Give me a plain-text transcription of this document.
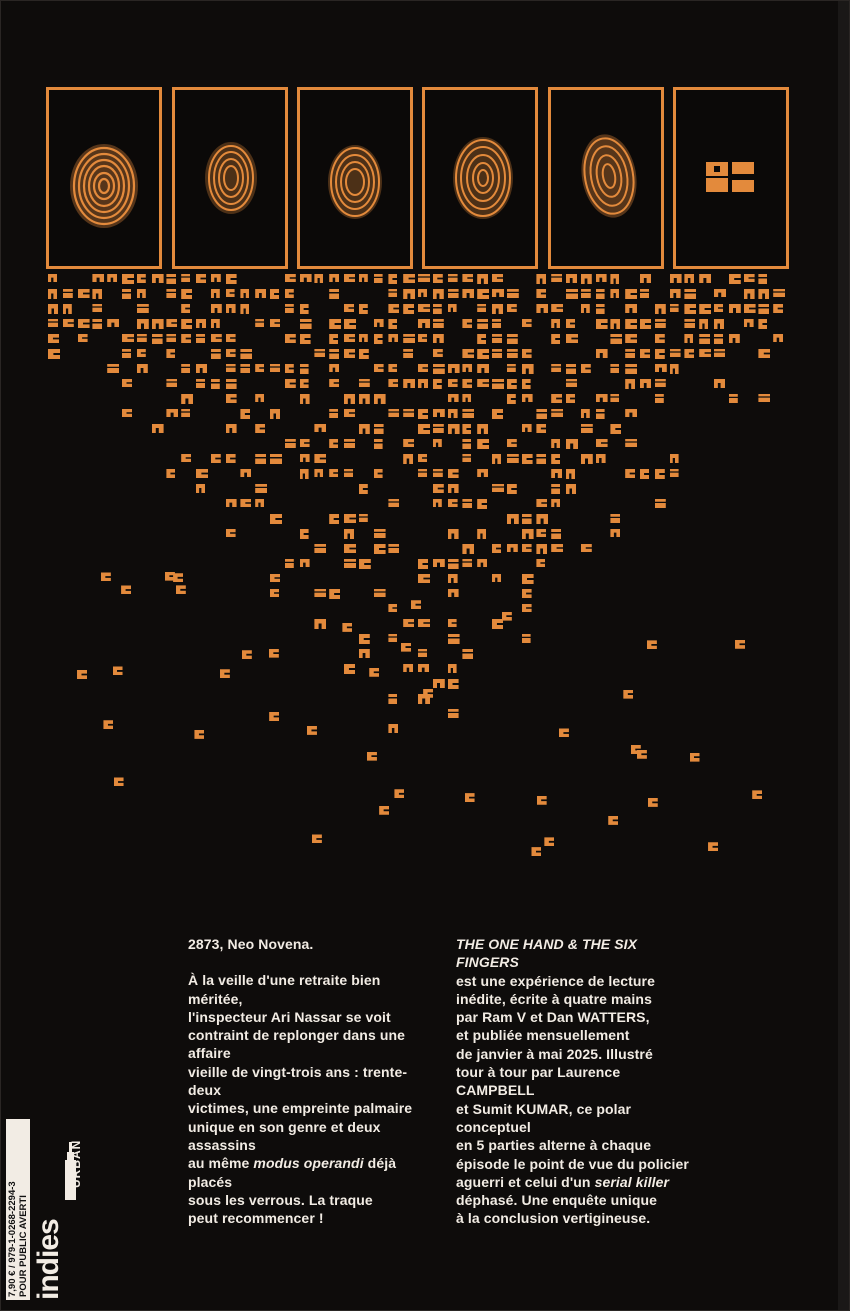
2873, Neo Novena.

À la veille d'une retraite bien méritée,
l'inspecteur Ari Nassar se voit
contraint de replonger dans une affaire
vieille de vingt-trois ans : trente-deux
victimes, une empreinte palmaire
unique en son genre et deux assassins
au même modus operandi déjà placés
sous les verrous. La traque
peut recommencer !

THE ONE HAND & THE SIX FINGERS

est une expérience de lecture
inédite, écrite à quatre mains
par Ram V et Dan WATTERS,
et publiée mensuellement
de janvier à mai 2025. Illustré
tour à tour par Laurence CAMPBELL
et Sumit KUMAR, ce polar conceptuel
en 5 parties alterne à chaque
épisode le point de vue du policier
aguerri et celui d'un serial killer
déphasé. Une enquête unique
à la conclusion vertigineuse.

7,90 € / 979-1-0268-2294-3 POUR PUBLIC AVERTI
URBAN
indies
